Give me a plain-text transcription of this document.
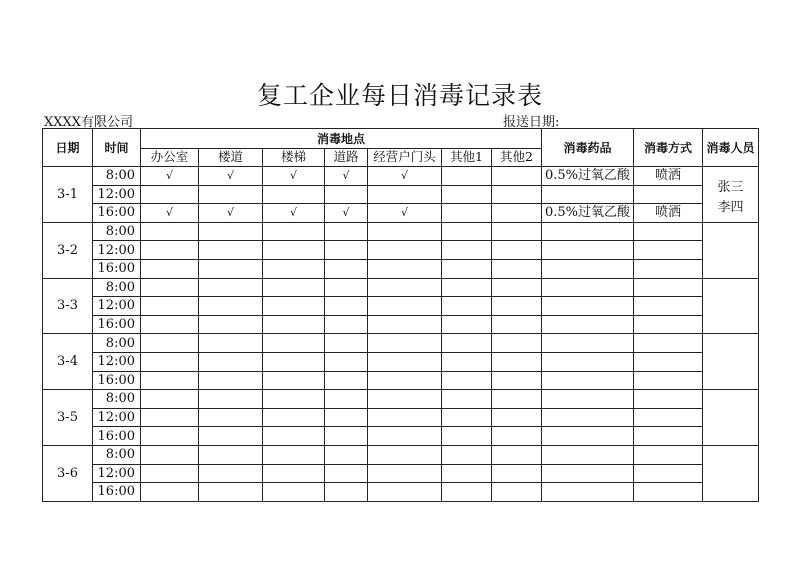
复工企业每日消毒记录表
XXXX有限公司	报送日期:
日期	时间	消毒地点							消毒药品	消毒方式	消毒人员
		办公室	楼道	楼梯	道路	经营户门头	其他1	其他2			
3-1	8:00	√	√	√	√	√			0.5%过氧乙酸	喷洒	张三
李四
	12:00										
	16:00	√	√	√	√	√			0.5%过氧乙酸	喷洒	
3-2	8:00										
	12:00										
	16:00										
3-3	8:00										
	12:00										
	16:00										
3-4	8:00										
	12:00										
	16:00										
3-5	8:00										
	12:00										
	16:00										
3-6	8:00										
	12:00										
	16:00										
